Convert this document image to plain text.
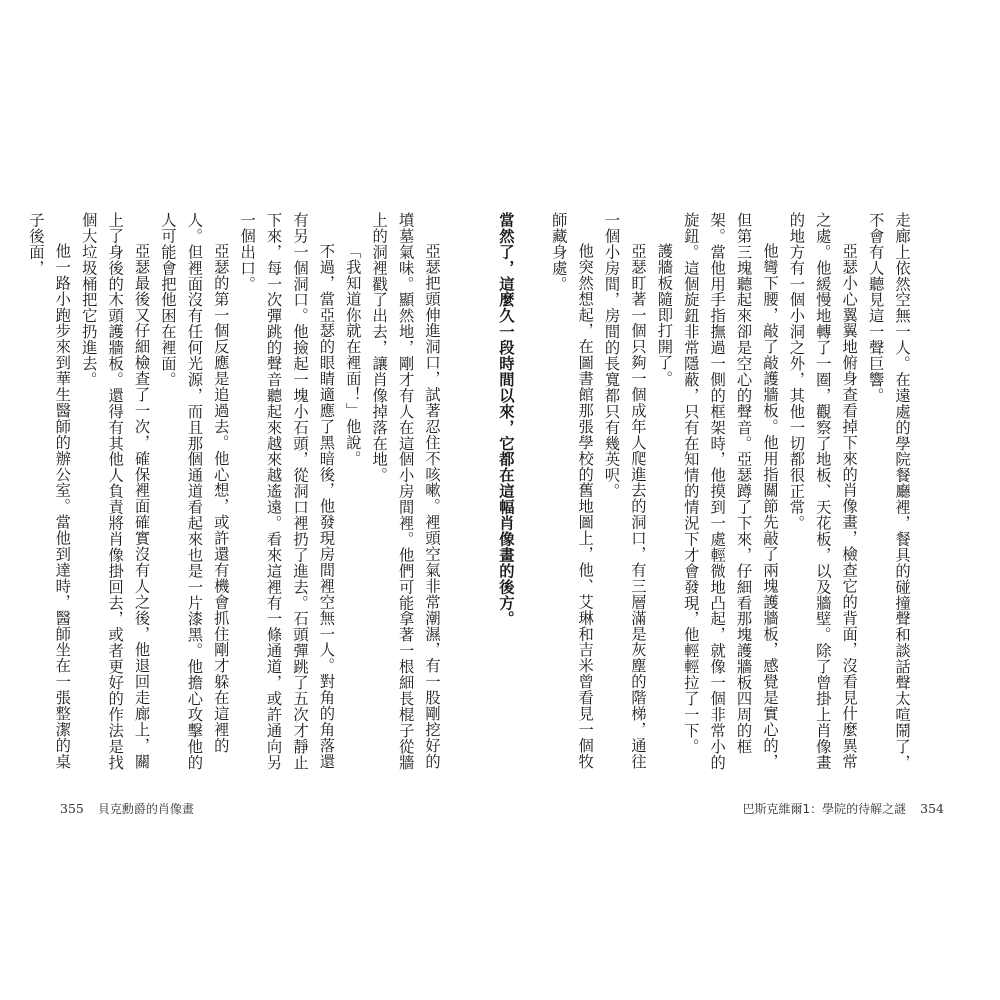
亞瑟把頭伸進洞口，試著忍住不咳嗽。裡頭空氣非常潮濕，有一股剛挖好的墳墓氣味。顯然地，剛才有人在這個小房間裡。他們可能拿著一根細長棍子從牆上的洞裡戳了出去，讓肖像掉落在地。

「我知道你就在裡面！」他說。

不過，當亞瑟的眼睛適應了黑暗後，他發現房間裡空無一人。對角的角落還有另一個洞口。他撿起一塊小石頭，從洞口裡扔了進去。石頭彈跳了五次才靜止下來，每一次彈跳的聲音聽起來越來越遙遠。看來這裡有一條通道，或許通向另一個出口。

亞瑟的第一個反應是追過去。他心想，或許還有機會抓住剛才躲在這裡的人。但裡面沒有任何光源，而且那個通道看起來也是一片漆黑。他擔心攻擊他的人可能會把他困在裡面。

亞瑟最後又仔細檢查了一次，確保裡面確實沒有人之後，他退回走廊上，關上了身後的木頭護牆板。還得有其他人負責將肖像掛回去，或者更好的作法是找個大垃圾桶把它扔進去。

他一路小跑步來到華生醫師的辦公室。當他到達時，醫師坐在一張整潔的桌子後面，

355 貝克勳爵的肖像畫

走廊上依然空無一人。在遠處的學院餐廳裡，餐具的碰撞聲和談話聲太喧鬧了，不會有人聽見這一聲巨響。

亞瑟小心翼翼地俯身查看掉下來的肖像畫，檢查它的背面，沒看見什麼異常之處。他緩慢地轉了一圈，觀察了地板、天花板，以及牆壁。除了曾掛上肖像畫的地方有一個小洞之外，其他一切都很正常。

他彎下腰，敲了敲護牆板。他用指關節先敲了兩塊護牆板，感覺是實心的，但第三塊聽起來卻是空心的聲音。亞瑟蹲了下來，仔細看那塊護牆板四周的框架。當他用手指撫過一側的框架時，他摸到一處輕微地凸起，就像一個非常小的旋鈕。這個旋鈕非常隱蔽，只有在知情的情況下才會發現，他輕輕拉了一下。

護牆板隨即打開了。

亞瑟盯著一個只夠一個成年人爬進去的洞口，有三層滿是灰塵的階梯，通往一個小房間，房間的長寬都只有幾英呎。

他突然想起，在圖書館那張學校的舊地圖上，他、艾琳和吉米曾看見一個牧師藏身處。

當然了，這麼久一段時間以來，它都在這幅肖像畫的後方。

巴斯克維爾1：學院的待解之謎 354
